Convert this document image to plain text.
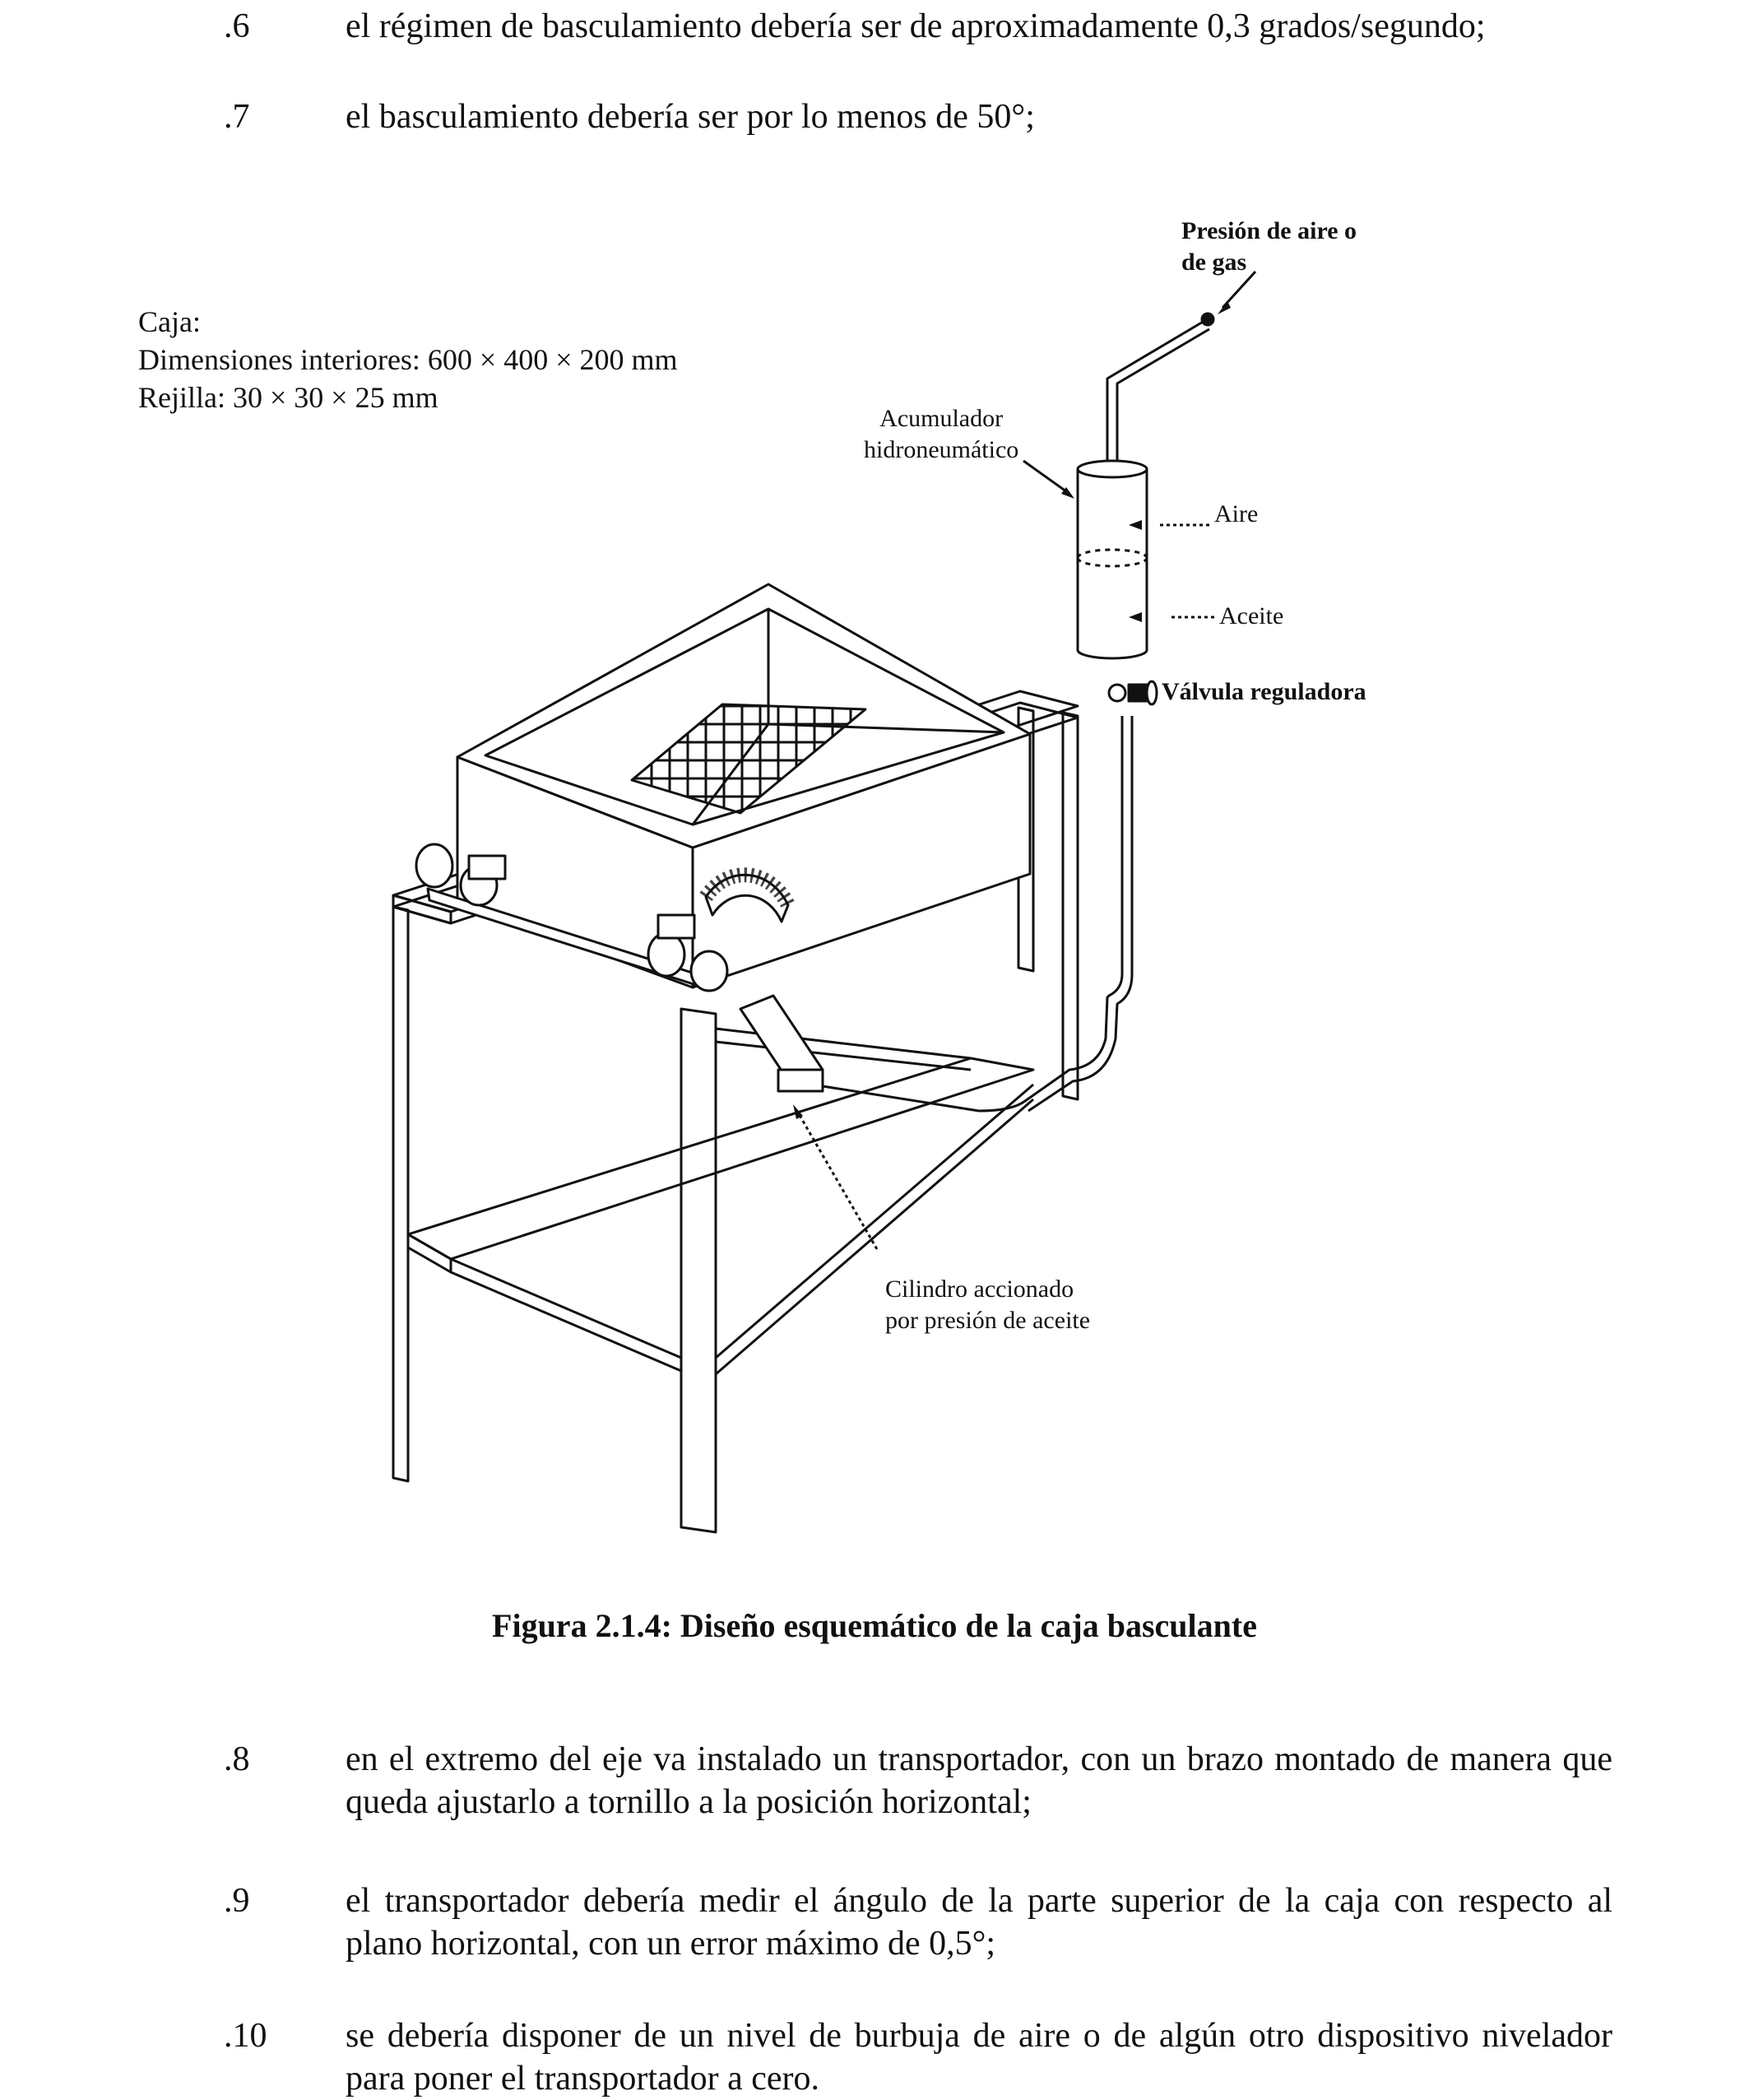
.6	el régimen de basculamiento debería ser de aproximadamente 0,3 grados/segundo;
.7	el basculamiento debería ser por lo menos de 50°;
Caja:
Dimensiones interiores: 600 × 400 × 200 mm
Rejilla: 30 × 30 × 25 mm
Presión de aire o
de gas
Acumulador
hidroneumático
Aire
Aceite
Válvula reguladora
Cilindro accionado
por presión de aceite
Figura 2.1.4: Diseño esquemático de la caja basculante
.8	en el extremo del eje va instalado un transportador, con un brazo montado de manera que queda ajustarlo a tornillo a la posición horizontal;
.9	el transportador debería medir el ángulo de la parte superior de la caja con respecto al plano horizontal, con un error máximo de 0,5°;
.10 se debería disponer de un nivel de burbuja de aire o de algún otro dispositivo nivelador para poner el transportador a cero.
